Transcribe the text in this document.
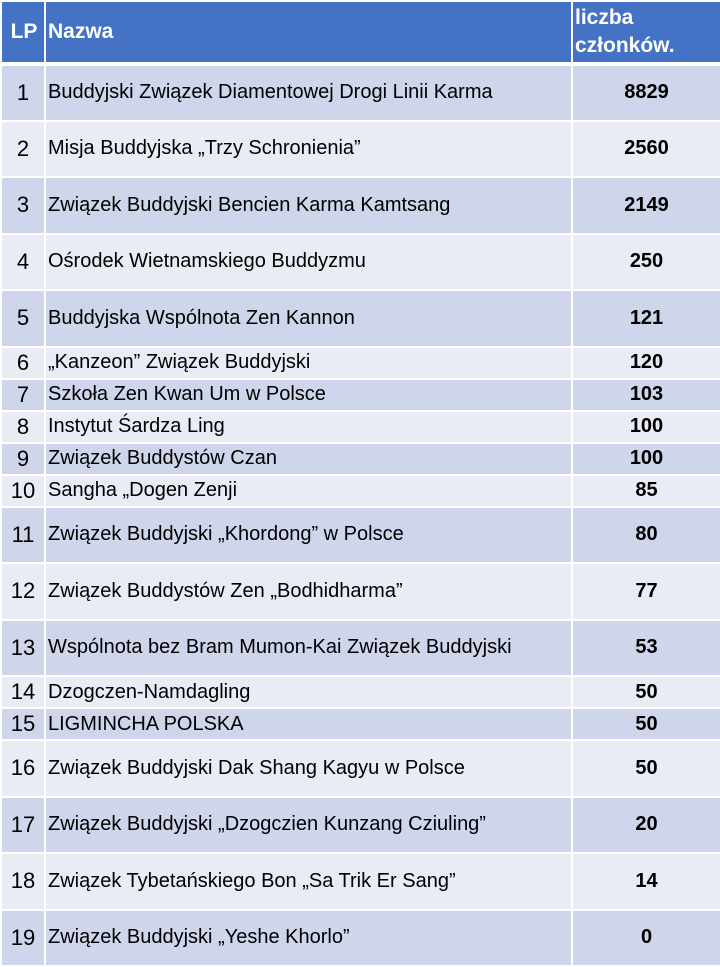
LP	Nazwa	liczba
członków.
1	Buddyjski Związek Diamentowej Drogi Linii Karma	8829
2	Misja Buddyjska „Trzy Schronienia”	2560
3	Związek Buddyjski Bencien Karma Kamtsang	2149
4	Ośrodek Wietnamskiego Buddyzmu	250
5	Buddyjska Wspólnota Zen Kannon	121
6	„Kanzeon” Związek Buddyjski	120
7	Szkoła Zen Kwan Um w Polsce	103
8	Instytut Śardza Ling	100
9	Związek Buddystów Czan	100
10	Sangha „Dogen Zenji	85
11	Związek Buddyjski „Khordong” w Polsce	80
12	Związek Buddystów Zen „Bodhidharma”	77
13	Wspólnota bez Bram Mumon-Kai Związek Buddyjski	53
14	Dzogczen-Namdagling	50
15	LIGMINCHA POLSKA	50
16	Związek Buddyjski Dak Shang Kagyu w Polsce	50
17	Związek Buddyjski „Dzogczien Kunzang Cziuling”	20
18	Związek Tybetańskiego Bon „Sa Trik Er Sang”	14
19	Związek Buddyjski „Yeshe Khorlo”	0
